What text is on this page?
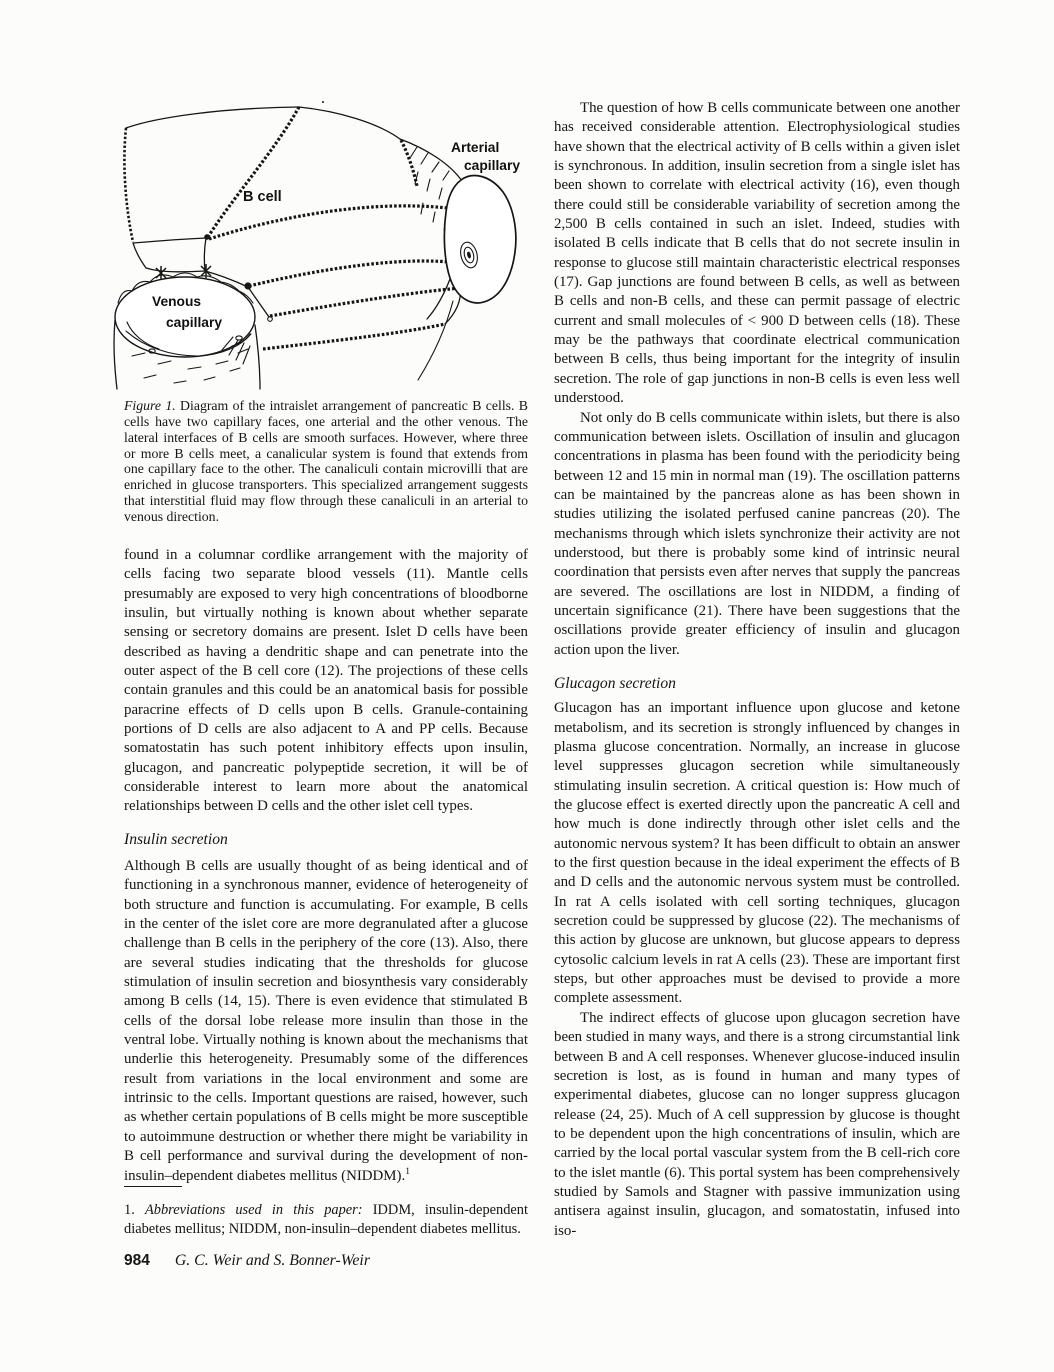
B cell
Arterial
capillary
Venous
capillary

Figure 1. Diagram of the intraislet arrangement of pancreatic B cells. B cells have two capillary faces, one arterial and the other venous. The lateral interfaces of B cells are smooth surfaces. However, where three or more B cells meet, a canalicular system is found that extends from one capillary face to the other. The canaliculi contain microvilli that are enriched in glucose transporters. This specialized arrangement suggests that interstitial fluid may flow through these canaliculi in an arterial to venous direction.

found in a columnar cordlike arrangement with the majority of cells facing two separate blood vessels (11). Mantle cells presumably are exposed to very high concentrations of bloodborne insulin, but virtually nothing is known about whether separate sensing or secretory domains are present. Islet D cells have been described as having a dendritic shape and can penetrate into the outer aspect of the B cell core (12). The projections of these cells contain granules and this could be an anatomical basis for possible paracrine effects of D cells upon B cells. Granule-containing portions of D cells are also adjacent to A and PP cells. Because somatostatin has such potent inhibitory effects upon insulin, glucagon, and pancreatic polypeptide secretion, it will be of considerable interest to learn more about the anatomical relationships between D cells and the other islet cell types.

Insulin secretion

Although B cells are usually thought of as being identical and of functioning in a synchronous manner, evidence of heterogeneity of both structure and function is accumulating. For example, B cells in the center of the islet core are more degranulated after a glucose challenge than B cells in the periphery of the core (13). Also, there are several studies indicating that the thresholds for glucose stimulation of insulin secretion and biosynthesis vary considerably among B cells (14, 15). There is even evidence that stimulated B cells of the dorsal lobe release more insulin than those in the ventral lobe. Virtually nothing is known about the mechanisms that underlie this heterogeneity. Presumably some of the differences result from variations in the local environment and some are intrinsic to the cells. Important questions are raised, however, such as whether certain populations of B cells might be more susceptible to autoimmune destruction or whether there might be variability in B cell performance and survival during the development of non-insulin–dependent diabetes mellitus (NIDDM).$^1$

1. Abbreviations used in this paper: IDDM, insulin-dependent diabetes mellitus; NIDDM, non-insulin–dependent diabetes mellitus.

984 G. C. Weir and S. Bonner-Weir

The question of how B cells communicate between one another has received considerable attention. Electrophysiological studies have shown that the electrical activity of B cells within a given islet is synchronous. In addition, insulin secretion from a single islet has been shown to correlate with electrical activity (16), even though there could still be considerable variability of secretion among the 2,500 B cells contained in such an islet. Indeed, studies with isolated B cells indicate that B cells that do not secrete insulin in response to glucose still maintain characteristic electrical responses (17). Gap junctions are found between B cells, as well as between B cells and non-B cells, and these can permit passage of electric current and small molecules of < 900 D between cells (18). These may be the pathways that coordinate electrical communication between B cells, thus being important for the integrity of insulin secretion. The role of gap junctions in non-B cells is even less well understood.

Not only do B cells communicate within islets, but there is also communication between islets. Oscillation of insulin and glucagon concentrations in plasma has been found with the periodicity being between 12 and 15 min in normal man (19). The oscillation patterns can be maintained by the pancreas alone as has been shown in studies utilizing the isolated perfused canine pancreas (20). The mechanisms through which islets synchronize their activity are not understood, but there is probably some kind of intrinsic neural coordination that persists even after nerves that supply the pancreas are severed. The oscillations are lost in NIDDM, a finding of uncertain significance (21). There have been suggestions that the oscillations provide greater efficiency of insulin and glucagon action upon the liver.

Glucagon secretion

Glucagon has an important influence upon glucose and ketone metabolism, and its secretion is strongly influenced by changes in plasma glucose concentration. Normally, an increase in glucose level suppresses glucagon secretion while simultaneously stimulating insulin secretion. A critical question is: How much of the glucose effect is exerted directly upon the pancreatic A cell and how much is done indirectly through other islet cells and the autonomic nervous system? It has been difficult to obtain an answer to the first question because in the ideal experiment the effects of B and D cells and the autonomic nervous system must be controlled. In rat A cells isolated with cell sorting techniques, glucagon secretion could be suppressed by glucose (22). The mechanisms of this action by glucose are unknown, but glucose appears to depress cytosolic calcium levels in rat A cells (23). These are important first steps, but other approaches must be devised to provide a more complete assessment.

The indirect effects of glucose upon glucagon secretion have been studied in many ways, and there is a strong circumstantial link between B and A cell responses. Whenever glucose-induced insulin secretion is lost, as is found in human and many types of experimental diabetes, glucose can no longer suppress glucagon release (24, 25). Much of A cell suppression by glucose is thought to be dependent upon the high concentrations of insulin, which are carried by the local portal vascular system from the B cell-rich core to the islet mantle (6). This portal system has been comprehensively studied by Samols and Stagner with passive immunization using antisera against insulin, glucagon, and somatostatin, infused into iso-
